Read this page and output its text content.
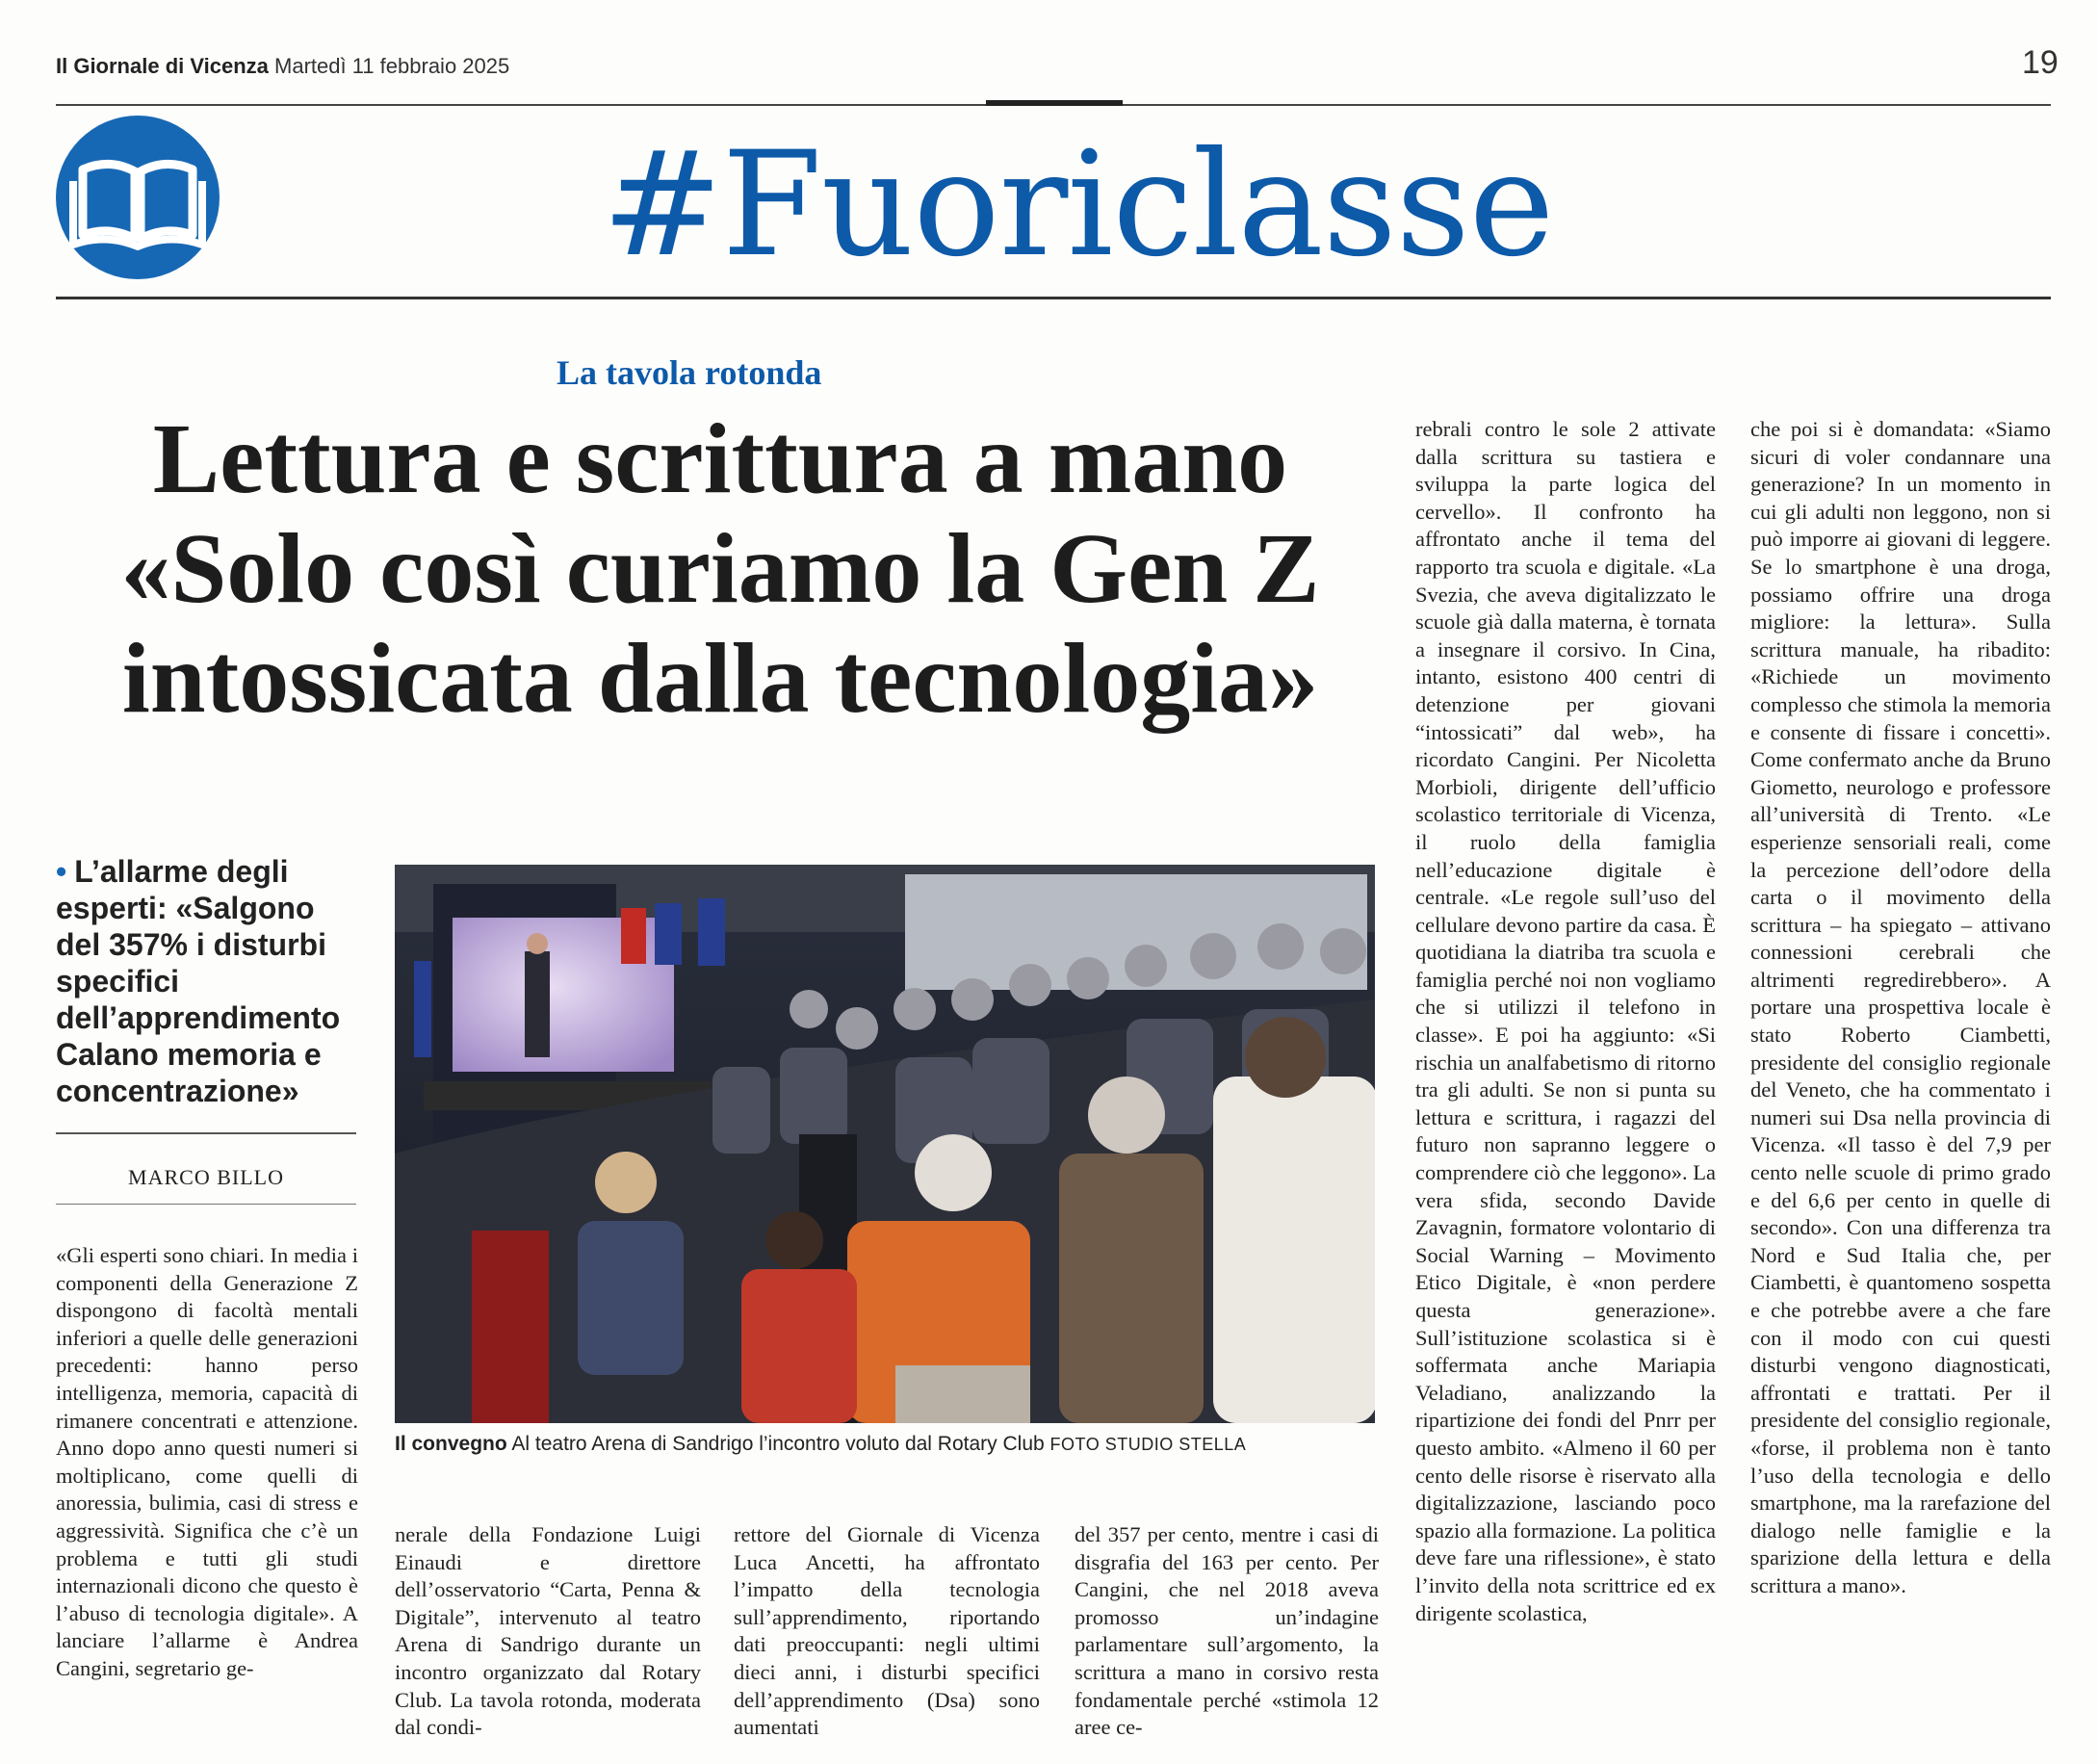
Il Giornale di Vicenza Martedì 11 febbraio 2025	19
#Fuoriclasse
La tavola rotonda
Lettura e scrittura a mano
«Solo così curiamo la Gen Z
intossicata dalla tecnologia»
• L’allarme degli esperti: «Salgono del 357% i disturbi specifici dell’apprendimento Calano memoria e concentrazione»
MARCO BILLO
Il convegno Al teatro Arena di Sandrigo l’incontro voluto dal Rotary Club FOTO STUDIO STELLA
«Gli esperti sono chiari. In media i componenti della Generazione Z dispongono di facoltà mentali inferiori a quelle delle generazioni precedenti: hanno perso intelligenza, memoria, capacità di rimanere concentrati e attenzione. Anno dopo anno questi numeri si moltiplicano, come quelli di anoressia, bulimia, casi di stress e aggressività. Significa che c’è un problema e tutti gli studi internazionali dicono che questo è l’abuso di tecnologia digitale». A lanciare l’allarme è Andrea Cangini, segretario ge-
nerale della Fondazione Luigi Einaudi e direttore dell’osservatorio “Carta, Penna & Digitale”, intervenuto al teatro Arena di Sandrigo durante un incontro organizzato dal Rotary Club. La tavola rotonda, moderata dal condi-
rettore del Giornale di Vicenza Luca Ancetti, ha affrontato l’impatto della tecnologia sull’apprendimento, riportando dati preoccupanti: negli ultimi dieci anni, i disturbi specifici dell’apprendimento (Dsa) sono aumentati
del 357 per cento, mentre i casi di disgrafia del 163 per cento. Per Cangini, che nel 2018 aveva promosso un’indagine parlamentare sull’argomento, la scrittura a mano in corsivo resta fondamentale perché «stimola 12 aree ce-
rebrali contro le sole 2 attivate dalla scrittura su tastiera e sviluppa la parte logica del cervello». Il confronto ha affrontato anche il tema del rapporto tra scuola e digitale. «La Svezia, che aveva digitalizzato le scuole già dalla materna, è tornata a insegnare il corsivo. In Cina, intanto, esistono 400 centri di detenzione per giovani “intossicati” dal web», ha ricordato Cangini. Per Nicoletta Morbioli, dirigente dell’ufficio scolastico territoriale di Vicenza, il ruolo della famiglia nell’educazione digitale è centrale. «Le regole sull’uso del cellulare devono partire da casa. È quotidiana la diatriba tra scuola e famiglia perché noi non vogliamo che si utilizzi il telefono in classe». E poi ha aggiunto: «Si rischia un analfabetismo di ritorno tra gli adulti. Se non si punta su lettura e scrittura, i ragazzi del futuro non sapranno leggere o comprendere ciò che leggono». La vera sfida, secondo Davide Zavagnin, formatore volontario di Social Warning – Movimento Etico Digitale, è «non perdere questa generazione». Sull’istituzione scolastica si è soffermata anche Mariapia Veladiano, analizzando la ripartizione dei fondi del Pnrr per questo ambito. «Almeno il 60 per cento delle risorse è riservato alla digitalizzazione, lasciando poco spazio alla formazione. La politica deve fare una riflessione», è stato l’invito della nota scrittrice ed ex dirigente scolastica,
che poi si è domandata: «Siamo sicuri di voler condannare una generazione? In un momento in cui gli adulti non leggono, non si può imporre ai giovani di leggere. Se lo smartphone è una droga, possiamo offrire una droga migliore: la lettura». Sulla scrittura manuale, ha ribadito: «Richiede un movimento complesso che stimola la memoria e consente di fissare i concetti». Come confermato anche da Bruno Giometto, neurologo e professore all’università di Trento. «Le esperienze sensoriali reali, come la percezione dell’odore della carta o il movimento della scrittura – ha spiegato – attivano connessioni cerebrali che altrimenti regredirebbero». A portare una prospettiva locale è stato Roberto Ciambetti, presidente del consiglio regionale del Veneto, che ha commentato i numeri sui Dsa nella provincia di Vicenza. «Il tasso è del 7,9 per cento nelle scuole di primo grado e del 6,6 per cento in quelle di secondo». Con una differenza tra Nord e Sud Italia che, per Ciambetti, è quantomeno sospetta e che potrebbe avere a che fare con il modo con cui questi disturbi vengono diagnosticati, affrontati e trattati. Per il presidente del consiglio regionale, «forse, il problema non è tanto l’uso della tecnologia e dello smartphone, ma la rarefazione del dialogo nelle famiglie e la sparizione della lettura e della scrittura a mano».
